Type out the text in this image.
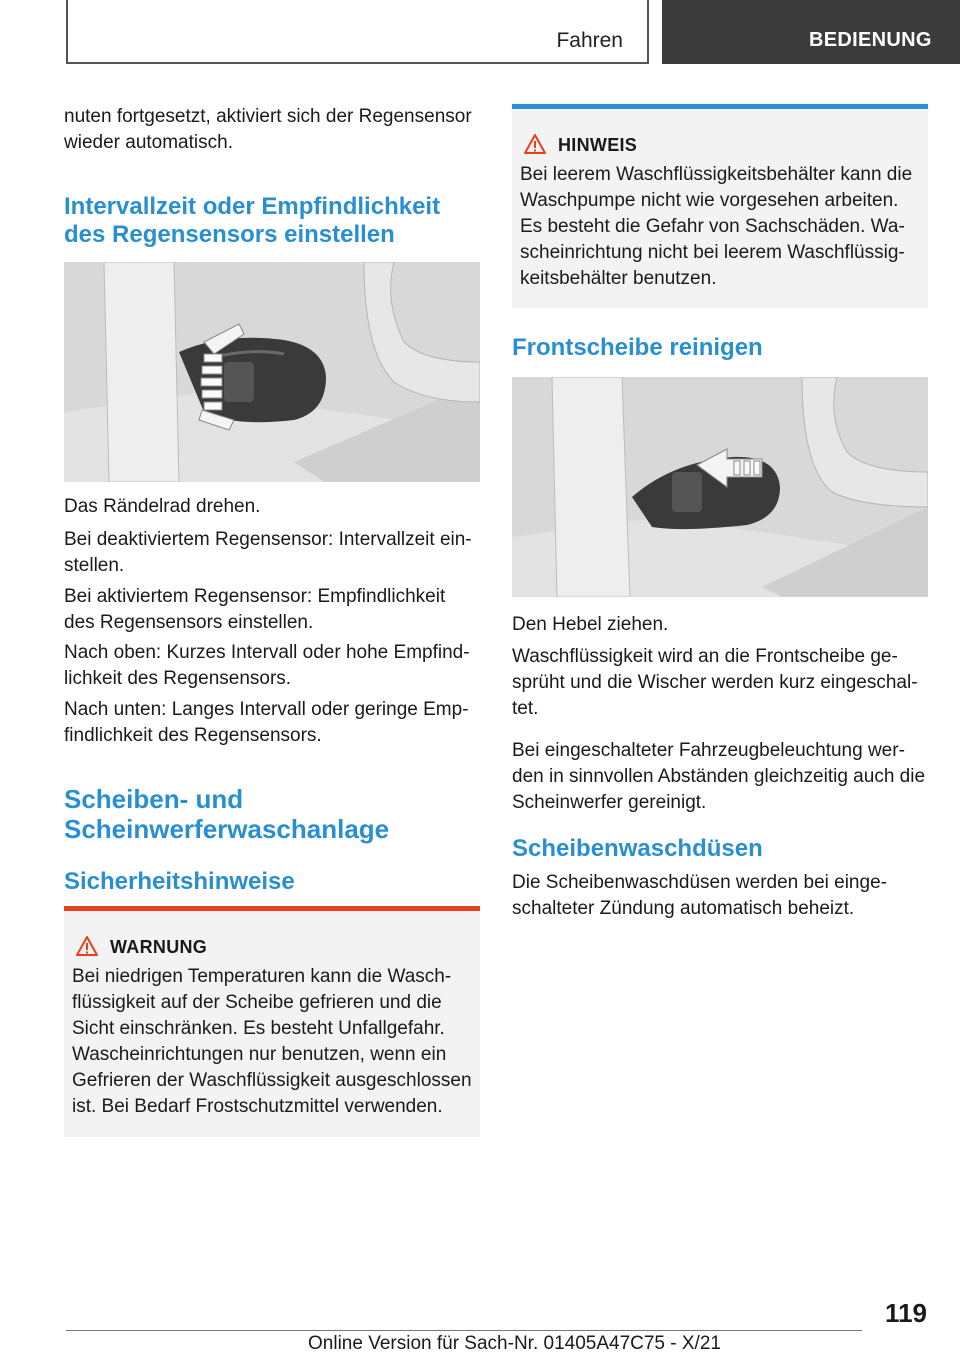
Fahren	BEDIENUNG
nuten fortgesetzt, aktiviert sich der Regensensor
wieder automatisch.
Intervallzeit oder Empfindlichkeit
des Regensensors einstellen
Das Rändelrad drehen.
Bei deaktiviertem Regensensor: Intervallzeit ein-
stellen.
Bei aktiviertem Regensensor: Empfindlichkeit
des Regensensors einstellen.
Nach oben: Kurzes Intervall oder hohe Empfind-
lichkeit des Regensensors.
Nach unten: Langes Intervall oder geringe Emp-
findlichkeit des Regensensors.
Scheiben- und
Scheinwerferwaschanlage
Sicherheitshinweise
WARNUNG
Bei niedrigen Temperaturen kann die Wasch-
flüssigkeit auf der Scheibe gefrieren und die
Sicht einschränken. Es besteht Unfallgefahr.
Wascheinrichtungen nur benutzen, wenn ein
Gefrieren der Waschflüssigkeit ausgeschlossen
ist. Bei Bedarf Frostschutzmittel verwenden.
HINWEIS
Bei leerem Waschflüssigkeitsbehälter kann die
Waschpumpe nicht wie vorgesehen arbeiten.
Es besteht die Gefahr von Sachschäden. Wa-
scheinrichtung nicht bei leerem Waschflüssig-
keitsbehälter benutzen.
Frontscheibe reinigen
Den Hebel ziehen.
Waschflüssigkeit wird an die Frontscheibe ge-
sprüht und die Wischer werden kurz eingeschal-
tet.
Bei eingeschalteter Fahrzeugbeleuchtung wer-
den in sinnvollen Abständen gleichzeitig auch die
Scheinwerfer gereinigt.
Scheibenwaschdüsen
Die Scheibenwaschdüsen werden bei einge-
schalteter Zündung automatisch beheizt.
119
Online Version für Sach-Nr. 01405A47C75 - X/21
